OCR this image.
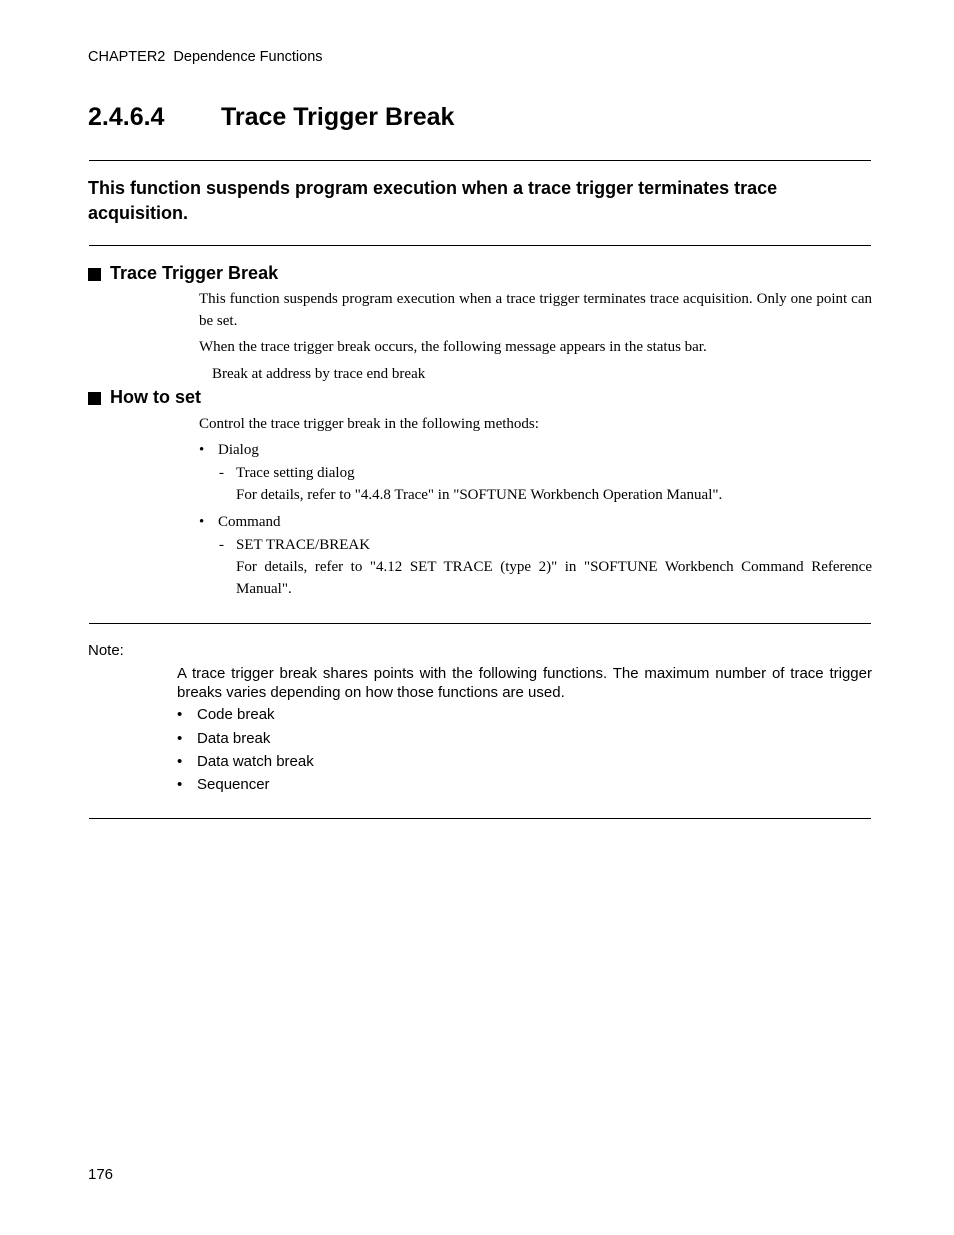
CHAPTER2  Dependence Functions
2.4.6.4 Trace Trigger Break
This function suspends program execution when a trace trigger terminates trace acquisition.
Trace Trigger Break
This function suspends program execution when a trace trigger terminates trace acquisition. Only one point can be set.
When the trace trigger break occurs, the following message appears in the status bar.
Break at address by trace end break
How to set
Control the trace trigger break in the following methods:
• Dialog
- Trace setting dialog
For details, refer to "4.4.8 Trace" in "SOFTUNE Workbench Operation Manual".
• Command
- SET TRACE/BREAK
For details, refer to "4.12 SET TRACE (type 2)" in "SOFTUNE Workbench Command Reference Manual".
Note:
A trace trigger break shares points with the following functions. The maximum number of trace trigger breaks varies depending on how those functions are used.
• Code break
• Data break
• Data watch break
• Sequencer
176
